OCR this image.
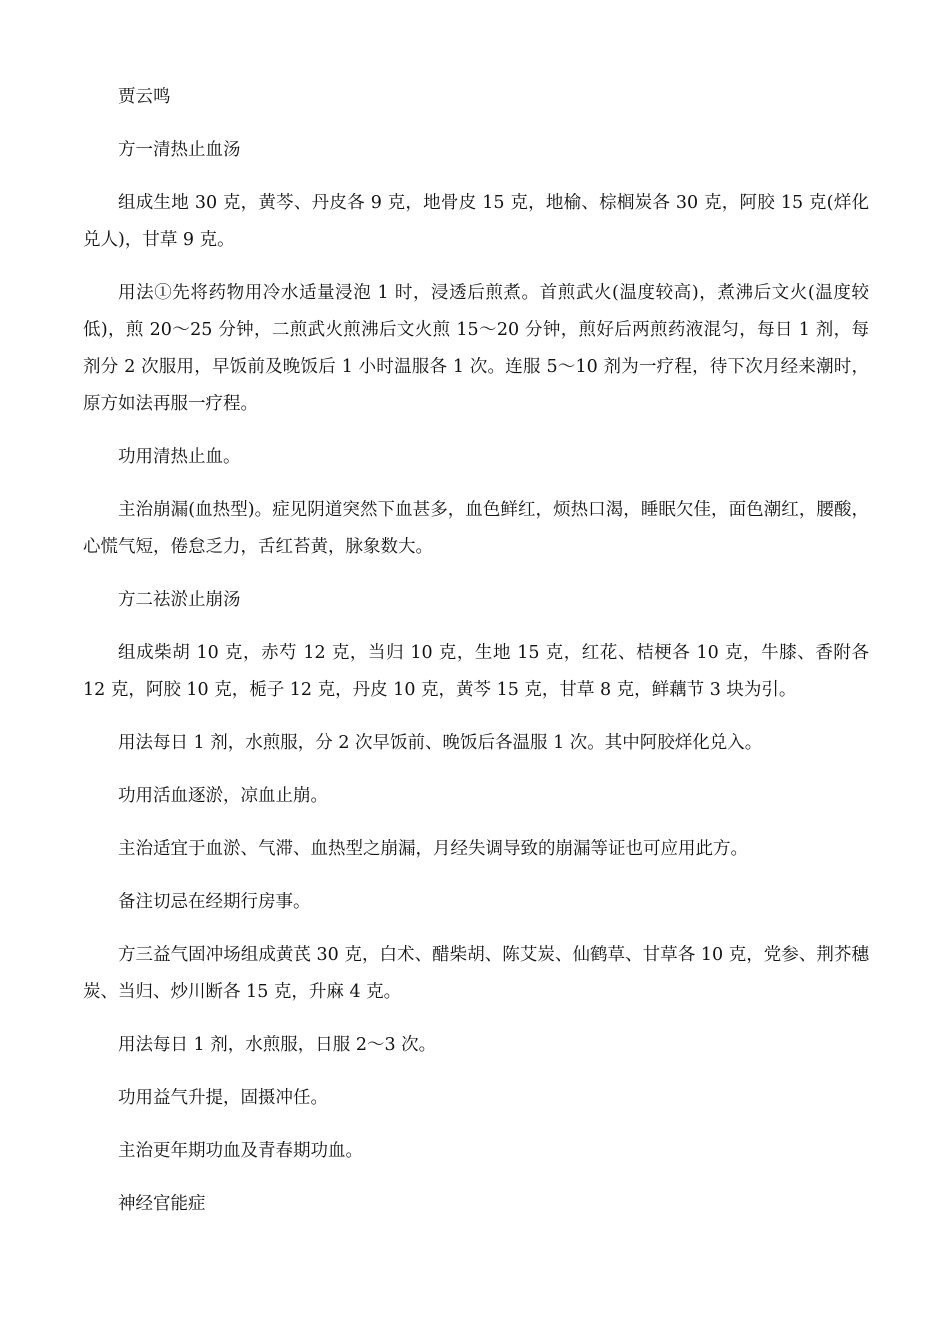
贾云鸣

方一清热止血汤

组成生地 30 克，黄芩、丹皮各 9 克，地骨皮 15 克，地榆、棕榈炭各 30 克，阿胶 15 克(烊化兑人)，甘草 9 克。

用法①先将药物用冷水适量浸泡 1 时，浸透后煎煮。首煎武火(温度较高)，煮沸后文火(温度较低)，煎 20～25 分钟，二煎武火煎沸后文火煎 15～20 分钟，煎好后两煎药液混匀，每日 1 剂，每剂分 2 次服用，早饭前及晚饭后 1 小时温服各 1 次。连服 5～10 剂为一疗程，待下次月经来潮时，原方如法再服一疗程。

功用清热止血。

主治崩漏(血热型)。症见阴道突然下血甚多，血色鲜红，烦热口渴，睡眠欠佳，面色潮红，腰酸，心慌气短，倦怠乏力，舌红苔黄，脉象数大。

方二祛淤止崩汤

组成柴胡 10 克，赤芍 12 克，当归 10 克，生地 15 克，红花、桔梗各 10 克，牛膝、香附各 12 克，阿胶 10 克，栀子 12 克，丹皮 10 克，黄芩 15 克，甘草 8 克，鲜藕节 3 块为引。

用法每日 1 剂，水煎服，分 2 次早饭前、晚饭后各温服 1 次。其中阿胶烊化兑入。

功用活血逐淤，凉血止崩。

主治适宜于血淤、气滞、血热型之崩漏，月经失调导致的崩漏等证也可应用此方。

备注切忌在经期行房事。

方三益气固冲场组成黄芪 30 克，白术、醋柴胡、陈艾炭、仙鹤草、甘草各 10 克，党参、荆芥穗炭、当归、炒川断各 15 克，升麻 4 克。

用法每日 1 剂，水煎服，日服 2～3 次。

功用益气升提，固摄冲任。

主治更年期功血及青春期功血。

神经官能症
